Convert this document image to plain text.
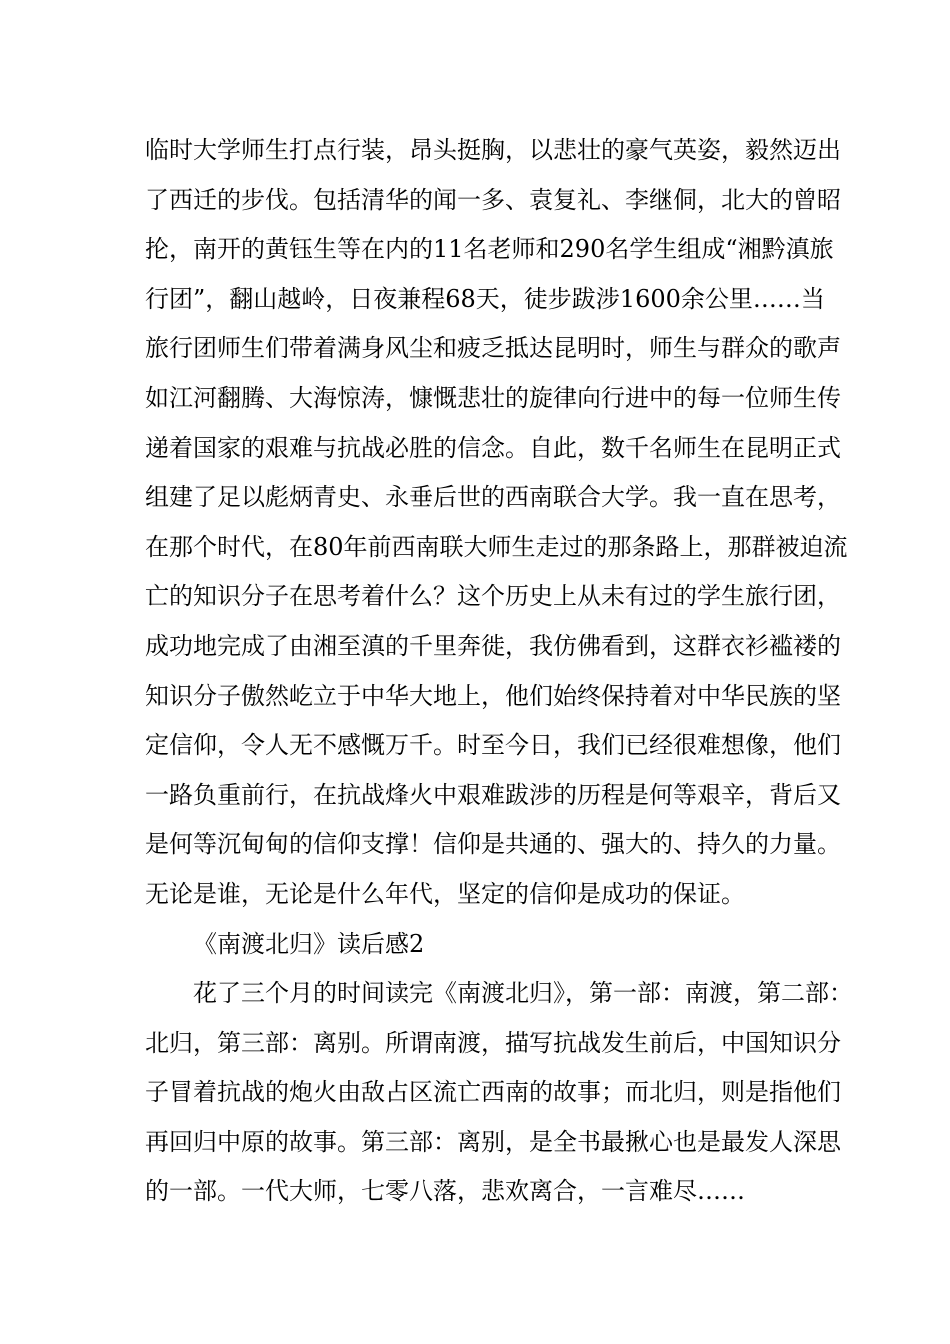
临时大学师生打点行装，昂头挺胸，以悲壮的豪气英姿，毅然迈出
了西迁的步伐。包括清华的闻一多、袁复礼、李继侗，北大的曾昭
抡，南开的黄钰生等在内的11名老师和290名学生组成“湘黔滇旅
行团”，翻山越岭，日夜兼程68天，徒步跋涉1600余公里……当
旅行团师生们带着满身风尘和疲乏抵达昆明时，师生与群众的歌声
如江河翻腾、大海惊涛，慷慨悲壮的旋律向行进中的每一位师生传
递着国家的艰难与抗战必胜的信念。自此，数千名师生在昆明正式
组建了足以彪炳青史、永垂后世的西南联合大学。我一直在思考，
在那个时代，在80年前西南联大师生走过的那条路上，那群被迫流
亡的知识分子在思考着什么？这个历史上从未有过的学生旅行团，
成功地完成了由湘至滇的千里奔徙，我仿佛看到，这群衣衫褴褛的
知识分子傲然屹立于中华大地上，他们始终保持着对中华民族的坚
定信仰，令人无不感慨万千。时至今日，我们已经很难想像，他们
一路负重前行，在抗战烽火中艰难跋涉的历程是何等艰辛，背后又
是何等沉甸甸的信仰支撑！信仰是共通的、强大的、持久的力量。
无论是谁，无论是什么年代，坚定的信仰是成功的保证。
《南渡北归》读后感2
花了三个月的时间读完《南渡北归》，第一部：南渡，第二部：
北归，第三部：离别。所谓南渡，描写抗战发生前后，中国知识分
子冒着抗战的炮火由敌占区流亡西南的故事；而北归，则是指他们
再回归中原的故事。第三部：离别，是全书最揪心也是最发人深思
的一部。一代大师，七零八落，悲欢离合，一言难尽……
